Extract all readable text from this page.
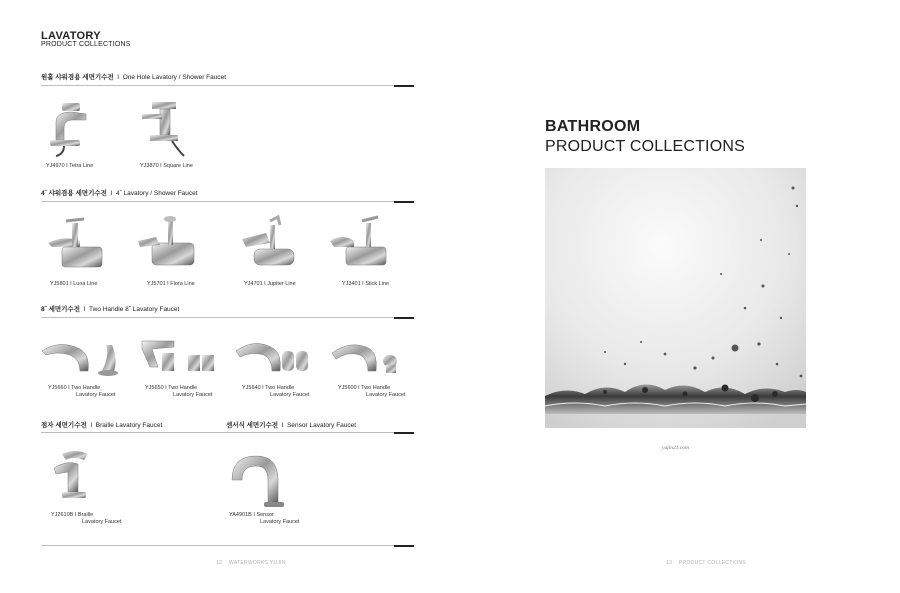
LAVATORY
PRODUCT COLLECTIONS
원홀 샤워겸용 세면기수전  I  One Hole Lavatory / Shower Faucet
YJ4970 I Tetra Line	YJ3870 I Square Line
4˝ 샤워겸용 세면기수전  I  4˝ Lavatory / Shower Faucet
YJ5801 I Luna Line	YJ5701 I Flora Line	YJ4701 I Jupiter Line	YJ3401 I Stick Line
8˝ 세면기수전  I  Two Handle 8˝ Lavatory Faucet
YJ5660 I Two Handle
Lavatory Faucet
YJ5650 I Two Handle
Lavatory Faucet
YJ5640 I Two Handle
Lavatory Faucet
YJ5600 I Two Handle
Lavatory Faucet
점자 세면기수전  I  Braille Lavatory Faucet	센서식 세면기수전  I  Sensor Lavatory Faucet
YJ2610B I Braille
Lavatory Faucet
YA4901B I Sensor
Lavatory Faucet
12 WATERWORKS YUJIN
BATHROOM
PRODUCT COLLECTIONS
yujin21.com
13 PRODUCT COLLECTIONS
